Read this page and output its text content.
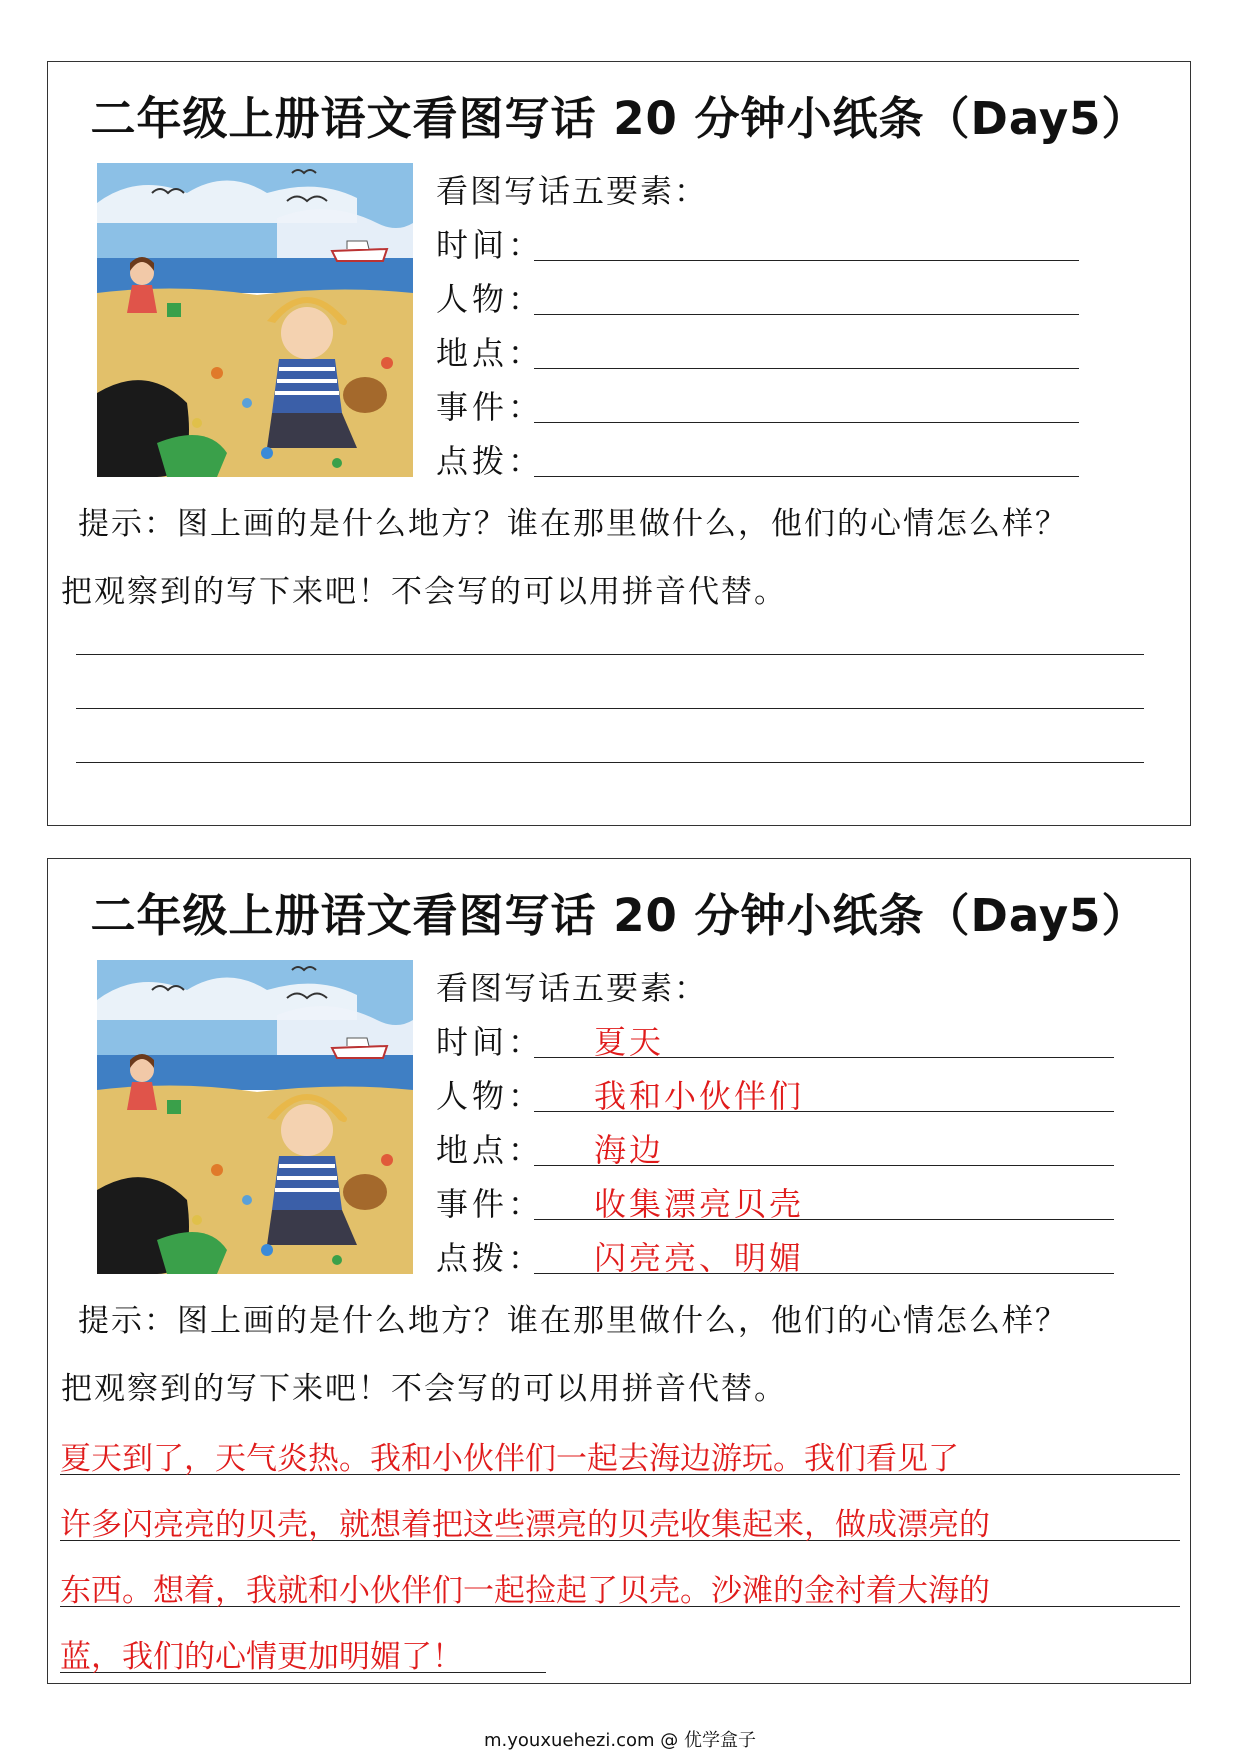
二年级上册语文看图写话 20 分钟小纸条（Day5）
看图写话五要素：
时间：
人物：
地点：
事件：
点拨：
提示：图上画的是什么地方？谁在那里做什么，他们的心情怎么样？
把观察到的写下来吧！不会写的可以用拼音代替。
二年级上册语文看图写话 20 分钟小纸条（Day5）
看图写话五要素：
时间： 夏天
人物： 我和小伙伴们
地点： 海边
事件： 收集漂亮贝壳
点拨： 闪亮亮、明媚
提示：图上画的是什么地方？谁在那里做什么，他们的心情怎么样？
把观察到的写下来吧！不会写的可以用拼音代替。
夏天到了，天气炎热。我和小伙伴们一起去海边游玩。我们看见了
许多闪亮亮的贝壳，就想着把这些漂亮的贝壳收集起来，做成漂亮的
东西。想着，我就和小伙伴们一起捡起了贝壳。沙滩的金衬着大海的
蓝，我们的心情更加明媚了！
m.youxuehezi.com @ 优学盒子
